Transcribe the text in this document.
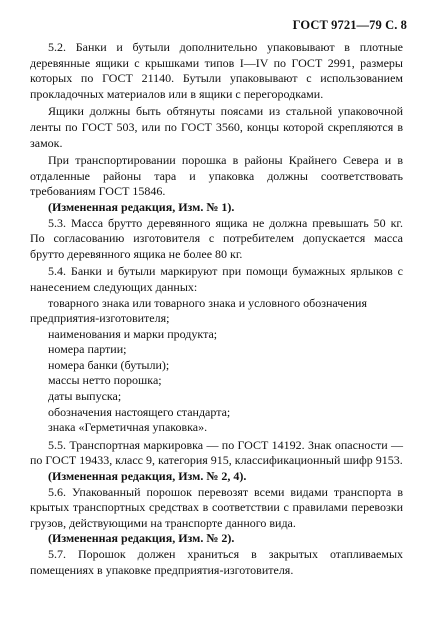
ГОСТ 9721—79 С. 8

5.2. Банки и бутыли дополнительно упаковывают в плотные деревянные ящики с крышками типов I—IV по ГОСТ 2991, размеры которых по ГОСТ 21140. Бутыли упаковывают с использованием прокладочных материалов или в ящики с перегородками.

Ящики должны быть обтянуты поясами из стальной упаковочной ленты по ГОСТ 503, или по ГОСТ 3560, концы которой скрепляются в замок.

При транспортировании порошка в районы Крайнего Севера и в отдаленные районы тара и упаковка должны соответствовать требованиям ГОСТ 15846.

(Измененная редакция, Изм. № 1).

5.3. Масса брутто деревянного ящика не должна превышать 50 кг. По согласованию изготовителя с потребителем допускается масса брутто деревянного ящика не более 80 кг.

5.4. Банки и бутыли маркируют при помощи бумажных ярлыков с нанесением следующих данных:

товарного знака или товарного знака и условного обозначения предприятия-изготовителя;

наименования и марки продукта;

номера партии;

номера банки (бутыли);

массы нетто порошка;

даты выпуска;

обозначения настоящего стандарта;

знака «Герметичная упаковка».

5.5. Транспортная маркировка — по ГОСТ 14192. Знак опасности — по ГОСТ 19433, класс 9, категория 915, классификационный шифр 9153.

(Измененная редакция, Изм. № 2, 4).

5.6. Упакованный порошок перевозят всеми видами транспорта в крытых транспортных средствах в соответствии с правилами перевозки грузов, действующими на транспорте данного вида.

(Измененная редакция, Изм. № 2).

5.7. Порошок должен храниться в закрытых отапливаемых помещениях в упаковке предприятия-изготовителя.
